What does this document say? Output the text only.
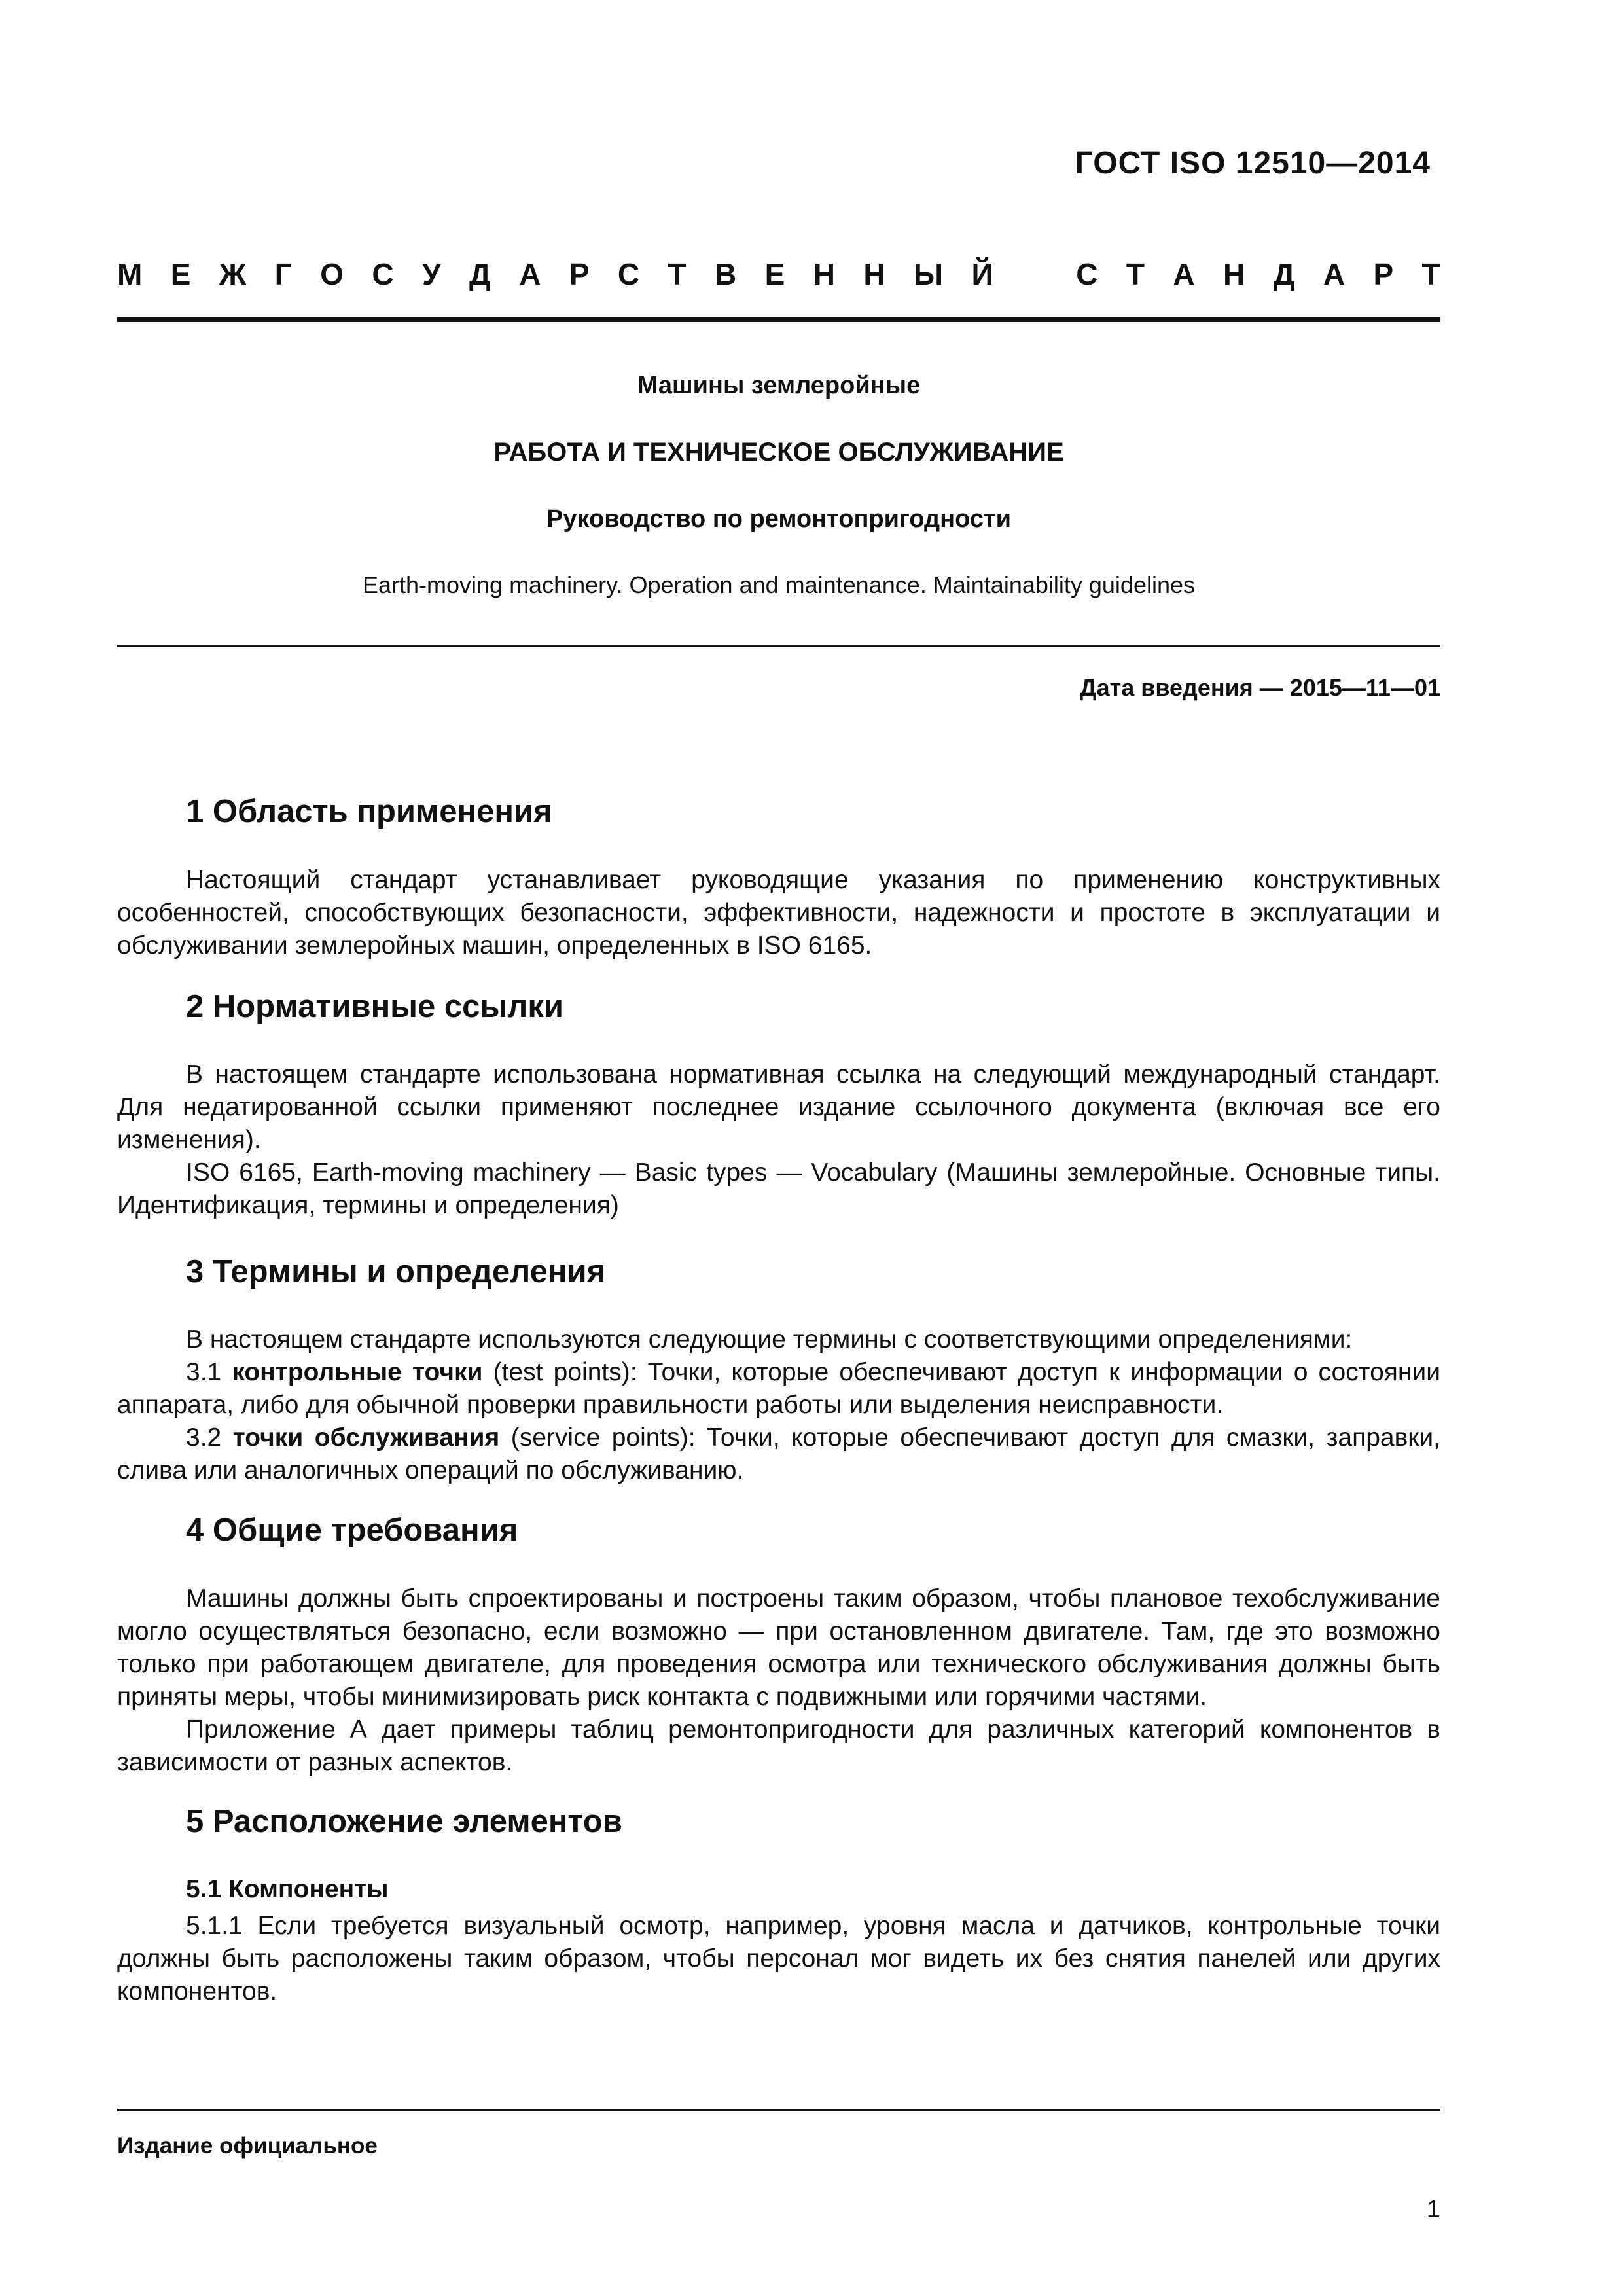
ГОСТ ISO 12510—2014
М Е Ж Г О С У Д А Р С Т В Е Н Н Ы Й	С Т А Н Д А Р Т
Машины землеройные
РАБОТА И ТЕХНИЧЕСКОЕ ОБСЛУЖИВАНИЕ
Руководство по ремонтопригодности
Earth-moving machinery. Operation and maintenance. Maintainability guidelines
Дата введения — 2015—11—01
1 Область применения

Настоящий стандарт устанавливает руководящие указания по применению конструктивных особенностей, способствующих безопасности, эффективности, надежности и простоте в эксплуатации и обслуживании землеройных машин, определенных в ISO 6165.

2 Нормативные ссылки

В настоящем стандарте использована нормативная ссылка на следующий международный стандарт. Для недатированной ссылки применяют последнее издание ссылочного документа (включая все его изменения).

ISO 6165, Earth-moving machinery — Basic types — Vocabulary (Машины землеройные. Основные типы. Идентификация, термины и определения)

3 Термины и определения

В настоящем стандарте используются следующие термины с соответствующими определениями:

3.1 контрольные точки (test points): Точки, которые обеспечивают доступ к информации о состоянии аппарата, либо для обычной проверки правильности работы или выделения неисправности.

3.2 точки обслуживания (service points): Точки, которые обеспечивают доступ для смазки, заправки, слива или аналогичных операций по обслуживанию.

4 Общие требования

Машины должны быть спроектированы и построены таким образом, чтобы плановое техобслуживание могло осуществляться безопасно, если возможно — при остановленном двигателе. Там, где это возможно только при работающем двигателе, для проведения осмотра или технического обслуживания должны быть приняты меры, чтобы минимизировать риск контакта с подвижными или горячими частями.

Приложение А дает примеры таблиц ремонтопригодности для различных категорий компонентов в зависимости от разных аспектов.

5 Расположение элементов
5.1 Компоненты

5.1.1 Если требуется визуальный осмотр, например, уровня масла и датчиков, контрольные точки должны быть расположены таким образом, чтобы персонал мог видеть их без снятия панелей или других компонентов.

Издание официальное
1
